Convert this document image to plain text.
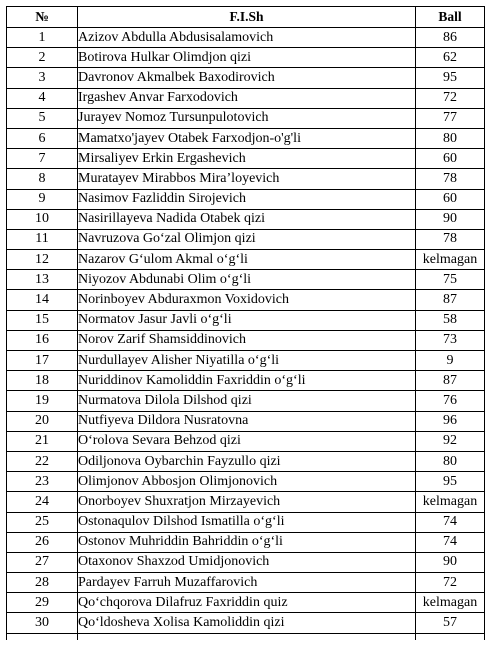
№	F.I.Sh	Ball
1	Azizov Abdulla Abdusisalamovich	86
2	Botirova Hulkar Olimdjon qizi	62
3	Davronov Akmalbek Baxodirovich	95
4	Irgashev Anvar Farxodovich	72
5	Jurayev Nomoz Tursunpulotovich	77
6	Mamatxo'jayev Otabek Farxodjon-o'g'li	80
7	Mirsaliyev Erkin Ergashevich	60
8	Muratayev Mirabbos Mira’loyevich	78
9	Nasimov Fazliddin Sirojevich	60
10	Nasirillayeva Nadida Otabek qizi	90
11	Navruzova Go‘zal Olimjon qizi	78
12	Nazarov G‘ulom Akmal o‘g‘li	kelmagan
13	Niyozov Abdunabi Olim o‘g‘li	75
14	Norinboyev Abduraxmon Voxidovich	87
15	Normatov Jasur Javli o‘g‘li	58
16	Norov Zarif Shamsiddinovich	73
17	Nurdullayev Alisher Niyatilla o‘g‘li	9
18	Nuriddinov Kamoliddin Faxriddin o‘g‘li	87
19	Nurmatova Dilola Dilshod qizi	76
20	Nutfiyeva Dildora Nusratovna	96
21	O‘rolova Sevara Behzod qizi	92
22	Odiljonova Oybarchin Fayzullo qizi	80
23	Olimjonov Abbosjon Olimjonovich	95
24	Onorboyev Shuxratjon Mirzayevich	kelmagan
25	Ostonaqulov Dilshod Ismatilla o‘g‘li	74
26	Ostonov Muhriddin Bahriddin o‘g‘li	74
27	Otaxonov Shaxzod Umidjonovich	90
28	Pardayev Farruh Muzaffarovich	72
29	Qo‘chqorova Dilafruz Faxriddin quiz	kelmagan
30	Qo‘ldosheva Xolisa Kamoliddin qizi	57
